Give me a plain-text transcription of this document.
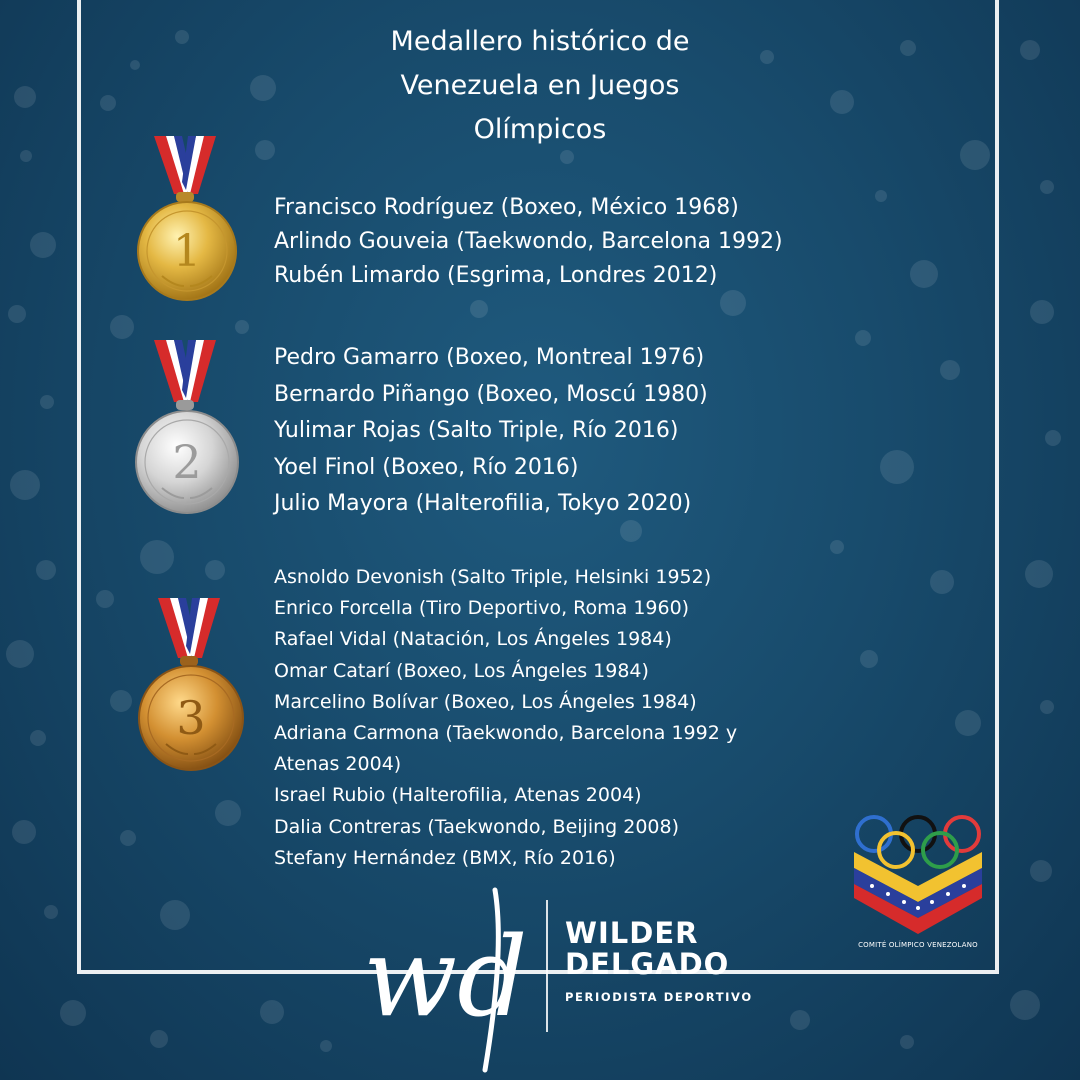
Medallero histórico de
Venezuela en Juegos
Olímpicos
1
2
3
Francisco Rodríguez (Boxeo, México 1968)
Arlindo Gouveia (Taekwondo, Barcelona 1992)
Rubén Limardo (Esgrima, Londres 2012)
Pedro Gamarro (Boxeo, Montreal 1976)
Bernardo Piñango (Boxeo, Moscú 1980)
Yulimar Rojas (Salto Triple, Río 2016)
Yoel Finol (Boxeo, Río 2016)
Julio Mayora (Halterofilia, Tokyo 2020)
Asnoldo Devonish (Salto Triple, Helsinki 1952)
Enrico Forcella (Tiro Deportivo, Roma 1960)
Rafael Vidal (Natación, Los Ángeles 1984)
Omar Catarí (Boxeo, Los Ángeles 1984)
Marcelino Bolívar (Boxeo, Los Ángeles 1984)
Adriana Carmona (Taekwondo, Barcelona 1992 y
Atenas 2004)
Israel Rubio (Halterofilia, Atenas 2004)
Dalia Contreras (Taekwondo, Beijing 2008)
Stefany Hernández (BMX, Río 2016)
wd WILDER
DELGADO
PERIODISTA DEPORTIVO
COMITÉ OLÍMPICO VENEZOLANO
